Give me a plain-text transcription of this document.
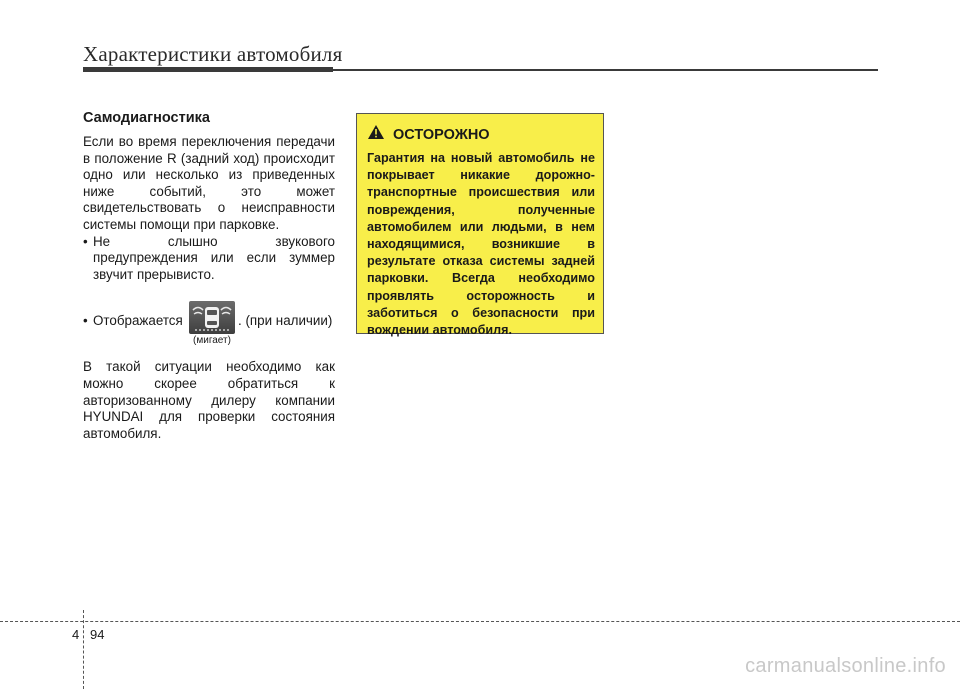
Характеристики автомобиля
Самодиагностика

Если во время переключения передачи в положение R (задний ход) происходит одно или несколько из приведенных ниже событий, это может свидетельствовать о неисправности системы помощи при парковке.

• Не слышно звукового
предупреждения или если зуммер звучит прерывисто.
• Отображается	. (при наличии)
(мигает)

В такой ситуации необходимо как можно скорее обратиться к авторизованному дилеру компании HYUNDAI для проверки состояния автомобиля.

ОСТОРОЖНО

Гарантия на новый автомобиль не покрывает никакие дорожно-транспортные происшествия или повреждения, полученные автомобилем или людьми, в нем находящимися, возникшие в результате отказа системы задней парковки. Всегда необходимо проявлять осторожность и заботиться о безопасности при вождении автомобиля.

4 94
carmanualsonline.info
